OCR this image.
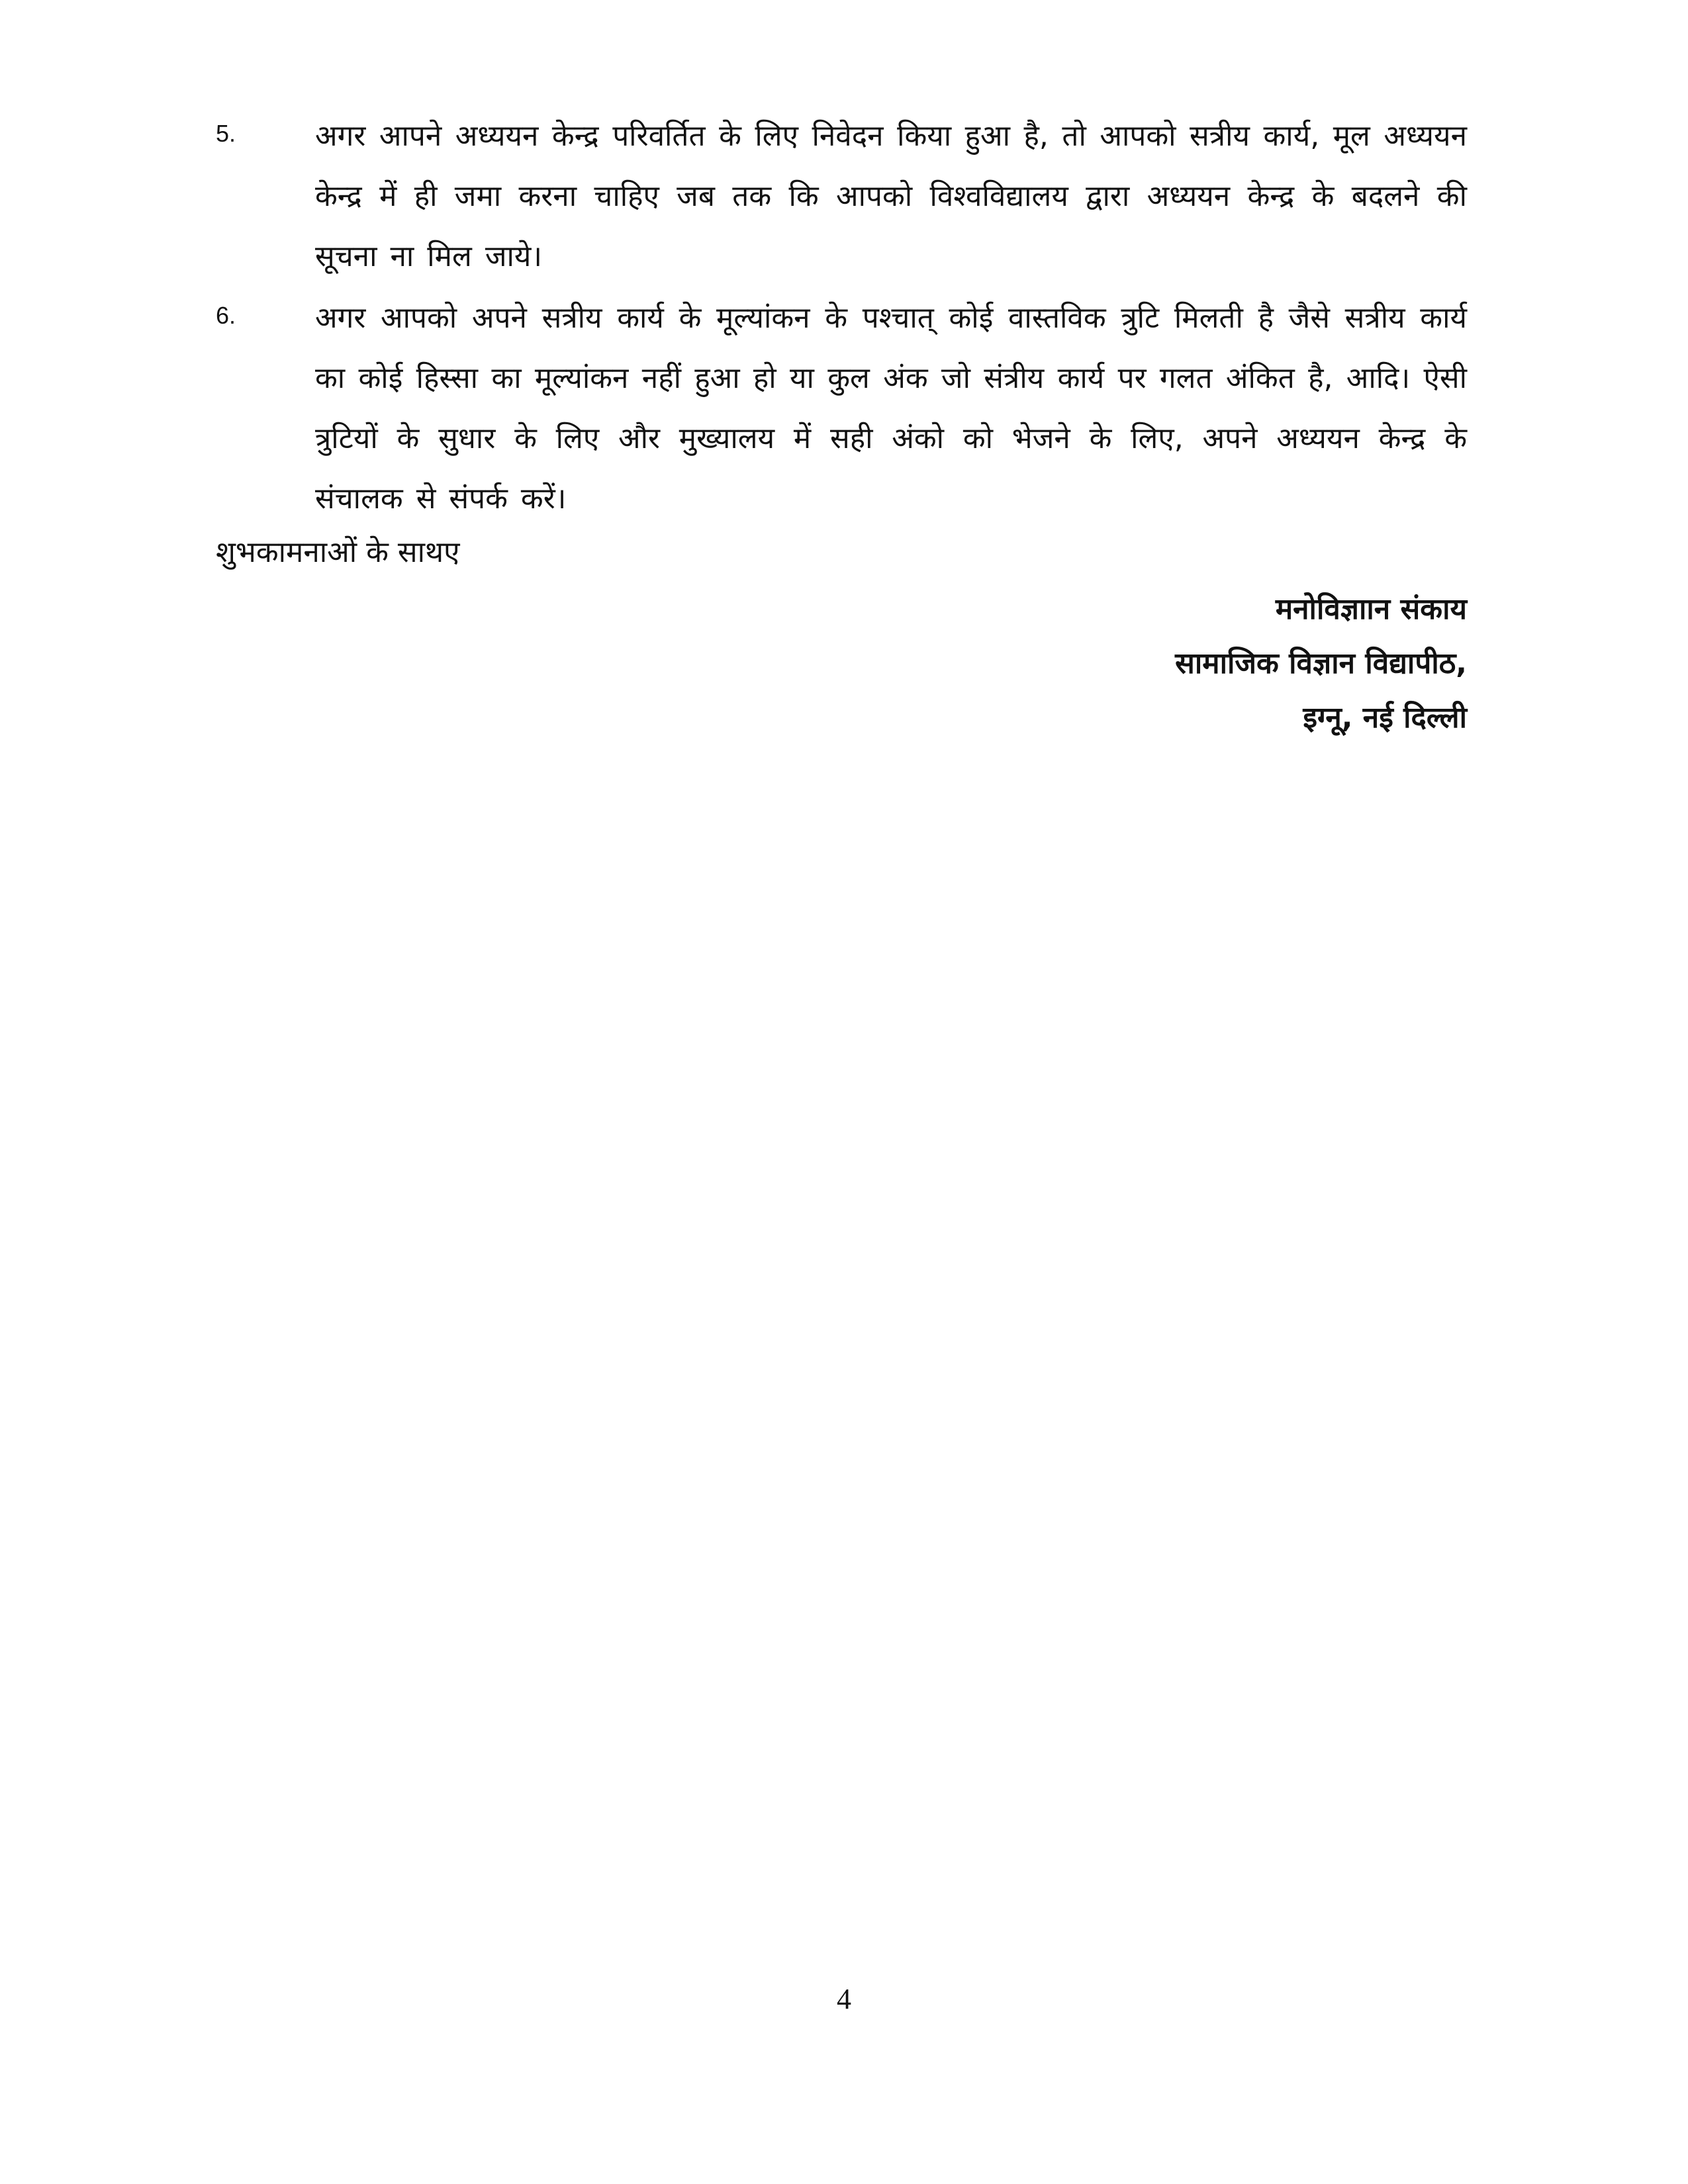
5.	अगर आपने अध्ययन केन्द्र परिवर्तित के लिए निवेदन किया हुआ है, तो आपको सत्रीय कार्य, मूल अध्ययन केन्द्र में ही जमा करना चाहिए जब तक कि आपको विश्वविद्यालय द्वारा अध्ययन केन्द्र के बदलने की सूचना ना मिल जाये।
6.	अगर आपको अपने सत्रीय कार्य के मूल्यांकन के पश्चात् कोई वास्तविक त्रुटि मिलती है जैसे सत्रीय कार्य का कोई हिस्सा का मूल्यांकन नहीं हुआ हो या कुल अंक जो संत्रीय कार्य पर गलत अंकित है, आदि। ऐसी त्रुटियों के सुधार के लिए और मुख्यालय में सही अंको को भेजने के लिए, अपने अध्ययन केन्द्र के संचालक से संपर्क करें।
शुभकामनाओं के साथए
मनोविज्ञाान संकाय
सामाजिक विज्ञान विद्यापीठ,
इग्नू, नई दिल्ली
4
